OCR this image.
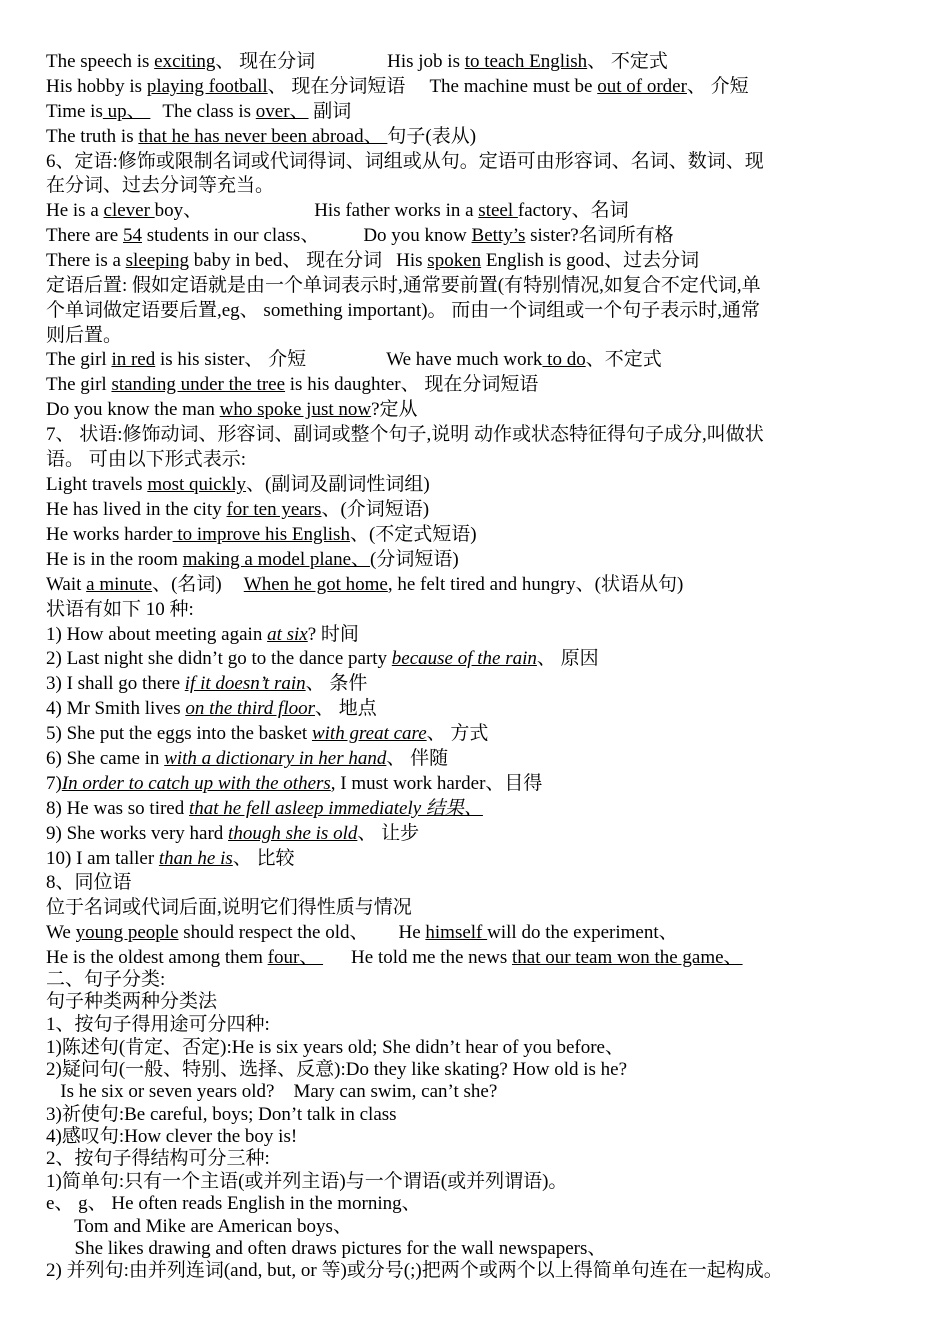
The speech is exciting、 现在分词	His job is to teach English、 不定式
His hobby is playing football、 现在分词短语 The machine must be out of order、 介短
Time is up、 The class is over、 副词
The truth is that he has never been abroad、 句子(表从)
6、定语:修饰或限制名词或代词得词、词组或从句。定语可由形容词、名词、数词、现
在分词、过去分词等充当。
He is a clever boy、	His father works in a steel factory、名词
There are 54 students in our class、 Do you know Betty’s sister?名词所有格
There is a sleeping baby in bed、 现在分词 His spoken English is good、过去分词
定语后置: 假如定语就是由一个单词表示时,通常要前置(有特别情况,如复合不定代词,单
个单词做定语要后置,eg、 something important)。 而由一个词组或一个句子表示时,通常
则后置。
The girl in red is his sister、 介短	We have much work to do、不定式
The girl standing under the tree is his daughter、 现在分词短语
Do you know the man who spoke just now?定从
7、 状语:修饰动词、形容词、副词或整个句子,说明 动作或状态特征得句子成分,叫做状
语。 可由以下形式表示:
Light travels most quickly、(副词及副词性词组)
He has lived in the city for ten years、(介词短语)
He works harder to improve his English、(不定式短语)
He is in the room making a model plane、(分词短语)
Wait a minute、(名词) When he got home, he felt tired and hungry、(状语从句)
状语有如下 10 种:
1) How about meeting again at six? 时间
2) Last night she didn’t go to the dance party because of the rain、 原因
3) I shall go there if it doesn’t rain、 条件
4) Mr Smith lives on the third floor、 地点
5) She put the eggs into the basket with great care、 方式
6) She came in with a dictionary in her hand、 伴随
7)In order to catch up with the others, I must work harder、目得
8) He was so tired that he fell asleep immediately 结果、
9) She works very hard though she is old、 让步
10) I am taller than he is、 比较
8、同位语
位于名词或代词后面,说明它们得性质与情况
We young people should respect the old、 He himself will do the experiment、
He is the oldest among them four、 He told me the news that our team won the game、
二、句子分类:
句子种类两种分类法
1、按句子得用途可分四种:
1)陈述句(肯定、否定):He is six years old; She didn’t hear of you before、
2)疑问句(一般、特别、选择、反意):Do they like skating? How old is he?
Is he six or seven years old?    Mary can swim, can’t she?
3)祈使句:Be careful, boys; Don’t talk in class
4)感叹句:How clever the boy is!
2、按句子得结构可分三种:
1)简单句:只有一个主语(或并列主语)与一个谓语(或并列谓语)。
e、 g、 He often reads English in the morning、
Tom and Mike are American boys、
She likes drawing and often draws pictures for the wall newspapers、
2) 并列句:由并列连词(and, but, or 等)或分号(;)把两个或两个以上得简单句连在一起构成。
